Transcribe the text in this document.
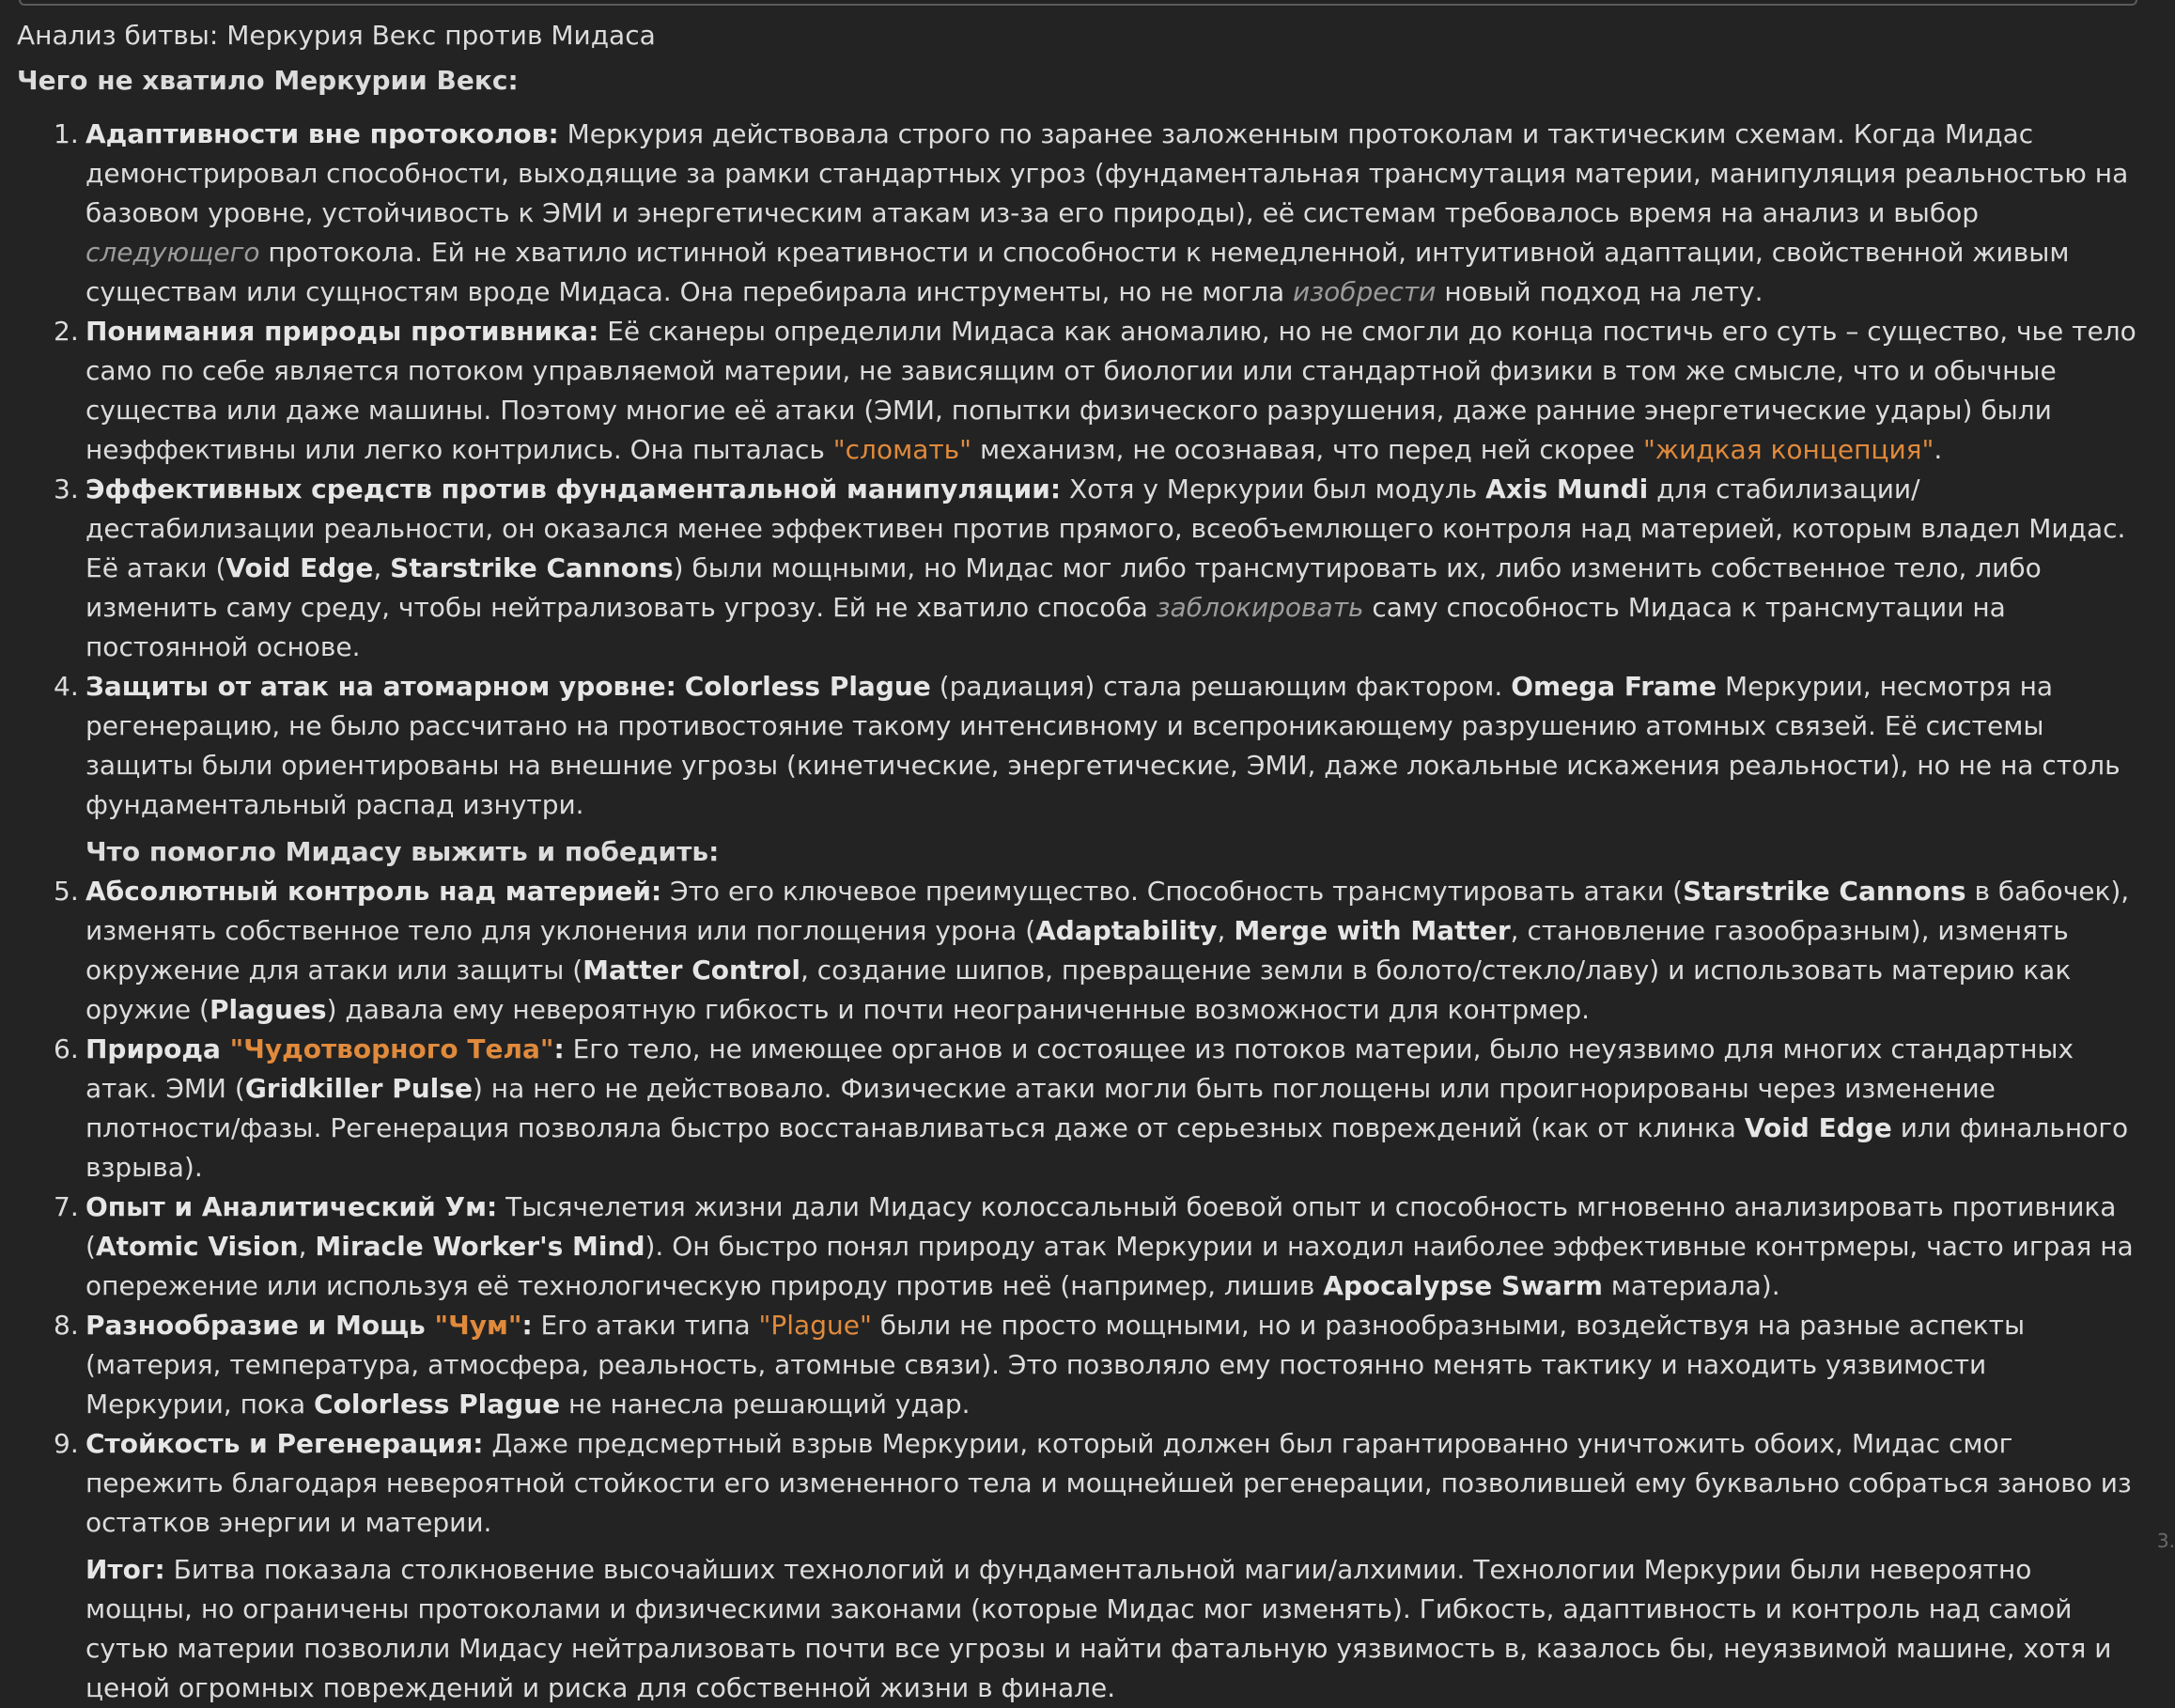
Анализ битвы: Меркурия Векс против Мидаса
Чего не хватило Меркурии Векс:
1. Адаптивности вне протоколов: Меркурия действовала строго по заранее заложенным протоколам и тактическим схемам. Когда Мидас демонстрировал способности, выходящие за рамки стандартных угроз (фундаментальная трансмутация материи, манипуляция реальностью на базовом уровне, устойчивость к ЭМИ и энергетическим атакам из-за его природы), её системам требовалось время на анализ и выбор следующего протокола. Ей не хватило истинной креативности и способности к немедленной, интуитивной адаптации, свойственной живым существам или сущностям вроде Мидаса. Она перебирала инструменты, но не могла изобрести новый подход на лету.
2. Понимания природы противника: Её сканеры определили Мидаса как аномалию, но не смогли до конца постичь его суть – существо, чье тело само по себе является потоком управляемой материи, не зависящим от биологии или стандартной физики в том же смысле, что и обычные существа или даже машины. Поэтому многие её атаки (ЭМИ, попытки физического разрушения, даже ранние энергетические удары) были неэффективны или легко контрились. Она пыталась "сломать" механизм, не осознавая, что перед ней скорее "жидкая концепция".
3. Эффективных средств против фундаментальной манипуляции: Хотя у Меркурии был модуль Axis Mundi для стабилизации/дестабилизации реальности, он оказался менее эффективен против прямого, всеобъемлющего контроля над материей, которым владел Мидас. Её атаки (Void Edge, Starstrike Cannons) были мощными, но Мидас мог либо трансмутировать их, либо изменить собственное тело, либо изменить саму среду, чтобы нейтрализовать угрозу. Ей не хватило способа заблокировать саму способность Мидаса к трансмутации на постоянной основе.
4. Защиты от атак на атомарном уровне: Colorless Plague (радиация) стала решающим фактором. Omega Frame Меркурии, несмотря на регенерацию, не было рассчитано на противостояние такому интенсивному и всепроникающему разрушению атомных связей. Её системы защиты были ориентированы на внешние угрозы (кинетические, энергетические, ЭМИ, даже локальные искажения реальности), но не на столь фундаментальный распад изнутри.
Что помогло Мидасу выжить и победить:
5. Абсолютный контроль над материей: Это его ключевое преимущество. Способность трансмутировать атаки (Starstrike Cannons в бабочек), изменять собственное тело для уклонения или поглощения урона (Adaptability, Merge with Matter, становление газообразным), изменять окружение для атаки или защиты (Matter Control, создание шипов, превращение земли в болото/стекло/лаву) и использовать материю как оружие (Plagues) давала ему невероятную гибкость и почти неограниченные возможности для контрмер.
6. Природа "Чудотворного Тела": Его тело, не имеющее органов и состоящее из потоков материи, было неуязвимо для многих стандартных атак. ЭМИ (Gridkiller Pulse) на него не действовало. Физические атаки могли быть поглощены или проигнорированы через изменение плотности/фазы. Регенерация позволяла быстро восстанавливаться даже от серьезных повреждений (как от клинка Void Edge или финального взрыва).
7. Опыт и Аналитический Ум: Тысячелетия жизни дали Мидасу колоссальный боевой опыт и способность мгновенно анализировать противника (Atomic Vision, Miracle Worker's Mind). Он быстро понял природу атак Меркурии и находил наиболее эффективные контрмеры, часто играя на опережение или используя её технологическую природу против неё (например, лишив Apocalypse Swarm материала).
8. Разнообразие и Мощь "Чум": Его атаки типа "Plague" были не просто мощными, но и разнообразными, воздействуя на разные аспекты (материя, температура, атмосфера, реальность, атомные связи). Это позволяло ему постоянно менять тактику и находить уязвимости Меркурии, пока Colorless Plague не нанесла решающий удар.
9. Стойкость и Регенерация: Даже предсмертный взрыв Меркурии, который должен был гарантированно уничтожить обоих, Мидас смог пережить благодаря невероятной стойкости его измененного тела и мощнейшей регенерации, позволившей ему буквально собраться заново из остатков энергии и материи.
Итог: Битва показала столкновение высочайших технологий и фундаментальной магии/алхимии. Технологии Меркурии были невероятно мощны, но ограничены протоколами и физическими законами (которые Мидас мог изменять). Гибкость, адаптивность и контроль над самой сутью материи позволили Мидасу нейтрализовать почти все угрозы и найти фатальную уязвимость в, казалось бы, неуязвимой машине, хотя и ценой огромных повреждений и риска для собственной жизни в финале.
3.
